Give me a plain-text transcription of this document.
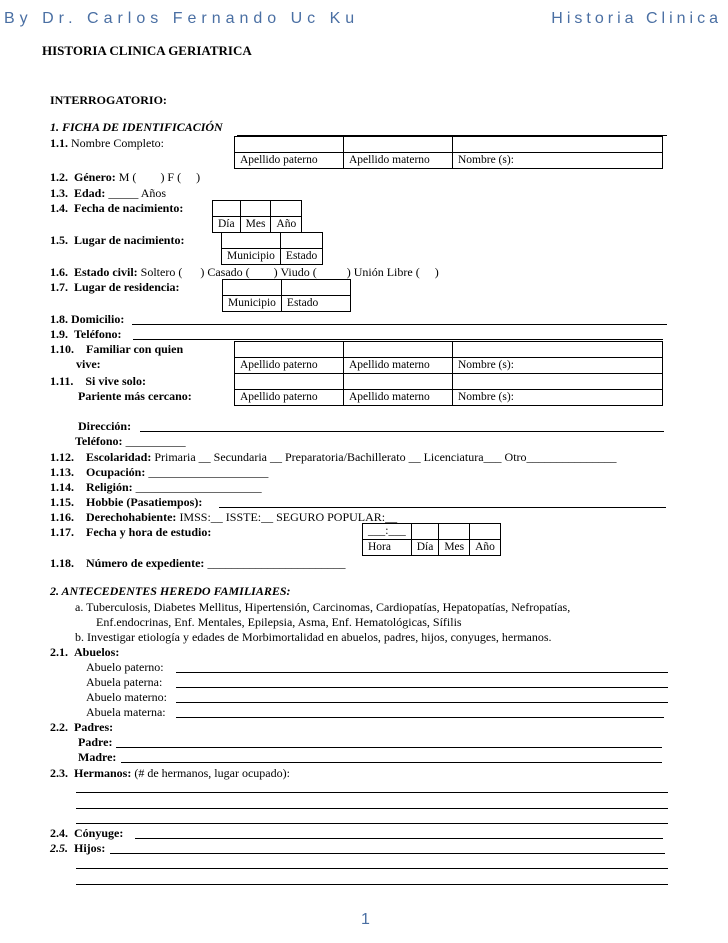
By Dr. Carlos Fernando Uc Ku	Historia Clinica
HISTORIA CLINICA GERIATRICA
INTERROGATORIO:
1. FICHA DE IDENTIFICACIÓN
1.1. Nombre Completo:

Apellido paterno	Apellido materno	Nombre (s):
1.2. Género: M ( ) F ( )
1.3. Edad: _____ Años
1.4. Fecha de nacimiento:

Día	Mes	Año
1.5. Lugar de nacimiento:

Municipio	Estado
1.6. Estado civil: Soltero ( ) Casado ( ) Viudo (	) Unión Libre ( )
1.7. Lugar de residencia:

Municipio	Estado
1.8. Domicilio:
1.9. Teléfono:
1.10. Familiar con quien
vive:
			Apellido paterno	Apellido materno	Nombre (s):
1.11. Si vive solo:
Pariente más cercano:
			Apellido paterno	Apellido materno	Nombre (s):
Dirección:
Teléfono: __________
1.12. Escolaridad: Primaria __ Secundaria __ Preparatoria/Bachillerato __ Licenciatura___ Otro_______________
1.13. Ocupación: ____________________
1.14. Religión: _____________________
1.15. Hobbie (Pasatiempos):
1.16. Derechohabiente: IMSS:__ ISSTE:__ SEGURO POPULAR:__
1.17. Fecha y hora de estudio:	___:___			
Hora	Día	Mes	Año
1.18. Número de expediente: _______________________
2. ANTECEDENTES HEREDO FAMILIARES:
a. Tuberculosis, Diabetes Mellitus, Hipertensión, Carcinomas, Cardiopatías, Hepatopatías, Nefropatías,
Enf.endocrinas, Enf. Mentales, Epilepsia, Asma, Enf. Hematológicas, Sífilis
b. Investigar etiología y edades de Morbimortalidad en abuelos, padres, hijos, conyuges, hermanos.
2.1. Abuelos:
Abuelo paterno:
Abuela paterna:
Abuelo materno:
Abuela materna:
2.2. Padres:
Padre:
Madre:
2.3. Hermanos: (# de hermanos, lugar ocupado):
2.4. Cónyuge:
2.5. Hijos:
1
